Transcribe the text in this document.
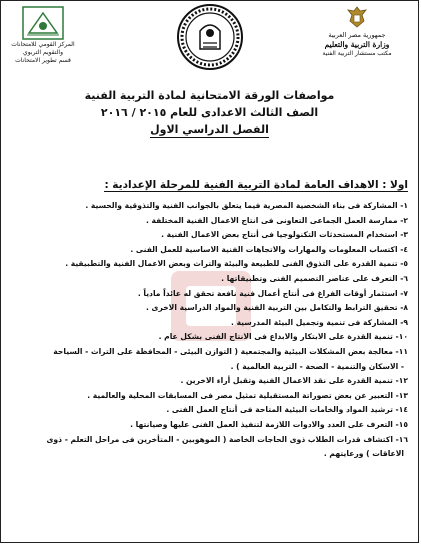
المركز القومي للامتحانات
والتقويم التربوي
قسم تطوير الامتحانات
جمهورية مصر العربية
وزارة التربية والتعليم
مكتب مستشار التربية الفنية
مواصفات الورقة الامتحانية لمادة التربية الفنية
الصف الثالث الاعدادى للعام ٢٠١٥ / ٢٠١٦
الفصل الدراسي الاول
اولا : الاهداف العامة لمادة التربية الفنية للمرحلة الإعدادية :
١- المشاركة فى بناء الشخصية المصرية فيما يتعلق بالجوانب الفنية والتذوقية والحسية .
٢- ممارسة العمل الجماعى التعاونى فى انتاج الاعمال الفنية المختلفة .
٣- استخدام المستحدثات التكنولوجيا فى أنتاج بعض الاعمال الفنية .
٤- اكتساب المعلومات والمهارات والاتجاهات الفنية الاساسية للعمل الفنى .
٥- تنمية القدرة على التذوق الفنى للطبيعة والبيئة والتراث وبعض الاعمال الفنية والتطبيقية .
٦- التعرف على عناصر التصميم الفنى وتطبيقاتها .
٧- استثمار أوقات الفراغ فى أنتاج أعمال فنية نافعة تحقق له عائداً مادياً .
٨- تحقيق الترابط والتكامل بين التربية الفنية والمواد الدراسية الاخرى .
٩- المشاركة فى تنمية وتجميل البيئة المدرسية .
١٠- تنمية القدرة على الابتكار والابداع فى الانتاج الفنى بشكل عام .
١١- معالجة بعض المشكلات البيئية والمجتمعية ( التوازن البيئى - المحافظة على التراث - السياحة
- الاسكان والتنمية - الصحة - التربية العالمية ) .
١٢- تنمية القدرة على نقد الاعمال الفنية وتقبل أراء الاخرين .
١٣- التعبير عن بعض تصوراتة المستقبلية تمثيل مصر فى المسابقات المحلية والعالمية .
١٤- ترشيد المواد والخامات البيئية المتاحة فى أنتاج العمل الفنى .
١٥- التعرف على العدد والادوات اللازمة لتنفيذ العمل الفنى عليها وصيانتها .
١٦- اكتشاف قدرات الطلاب ذوى الحاجات الخاصة ( الموهوبين - المتأخرين فى مراحل التعلم - ذوى
الاعاقات ) ورعايتهم .
